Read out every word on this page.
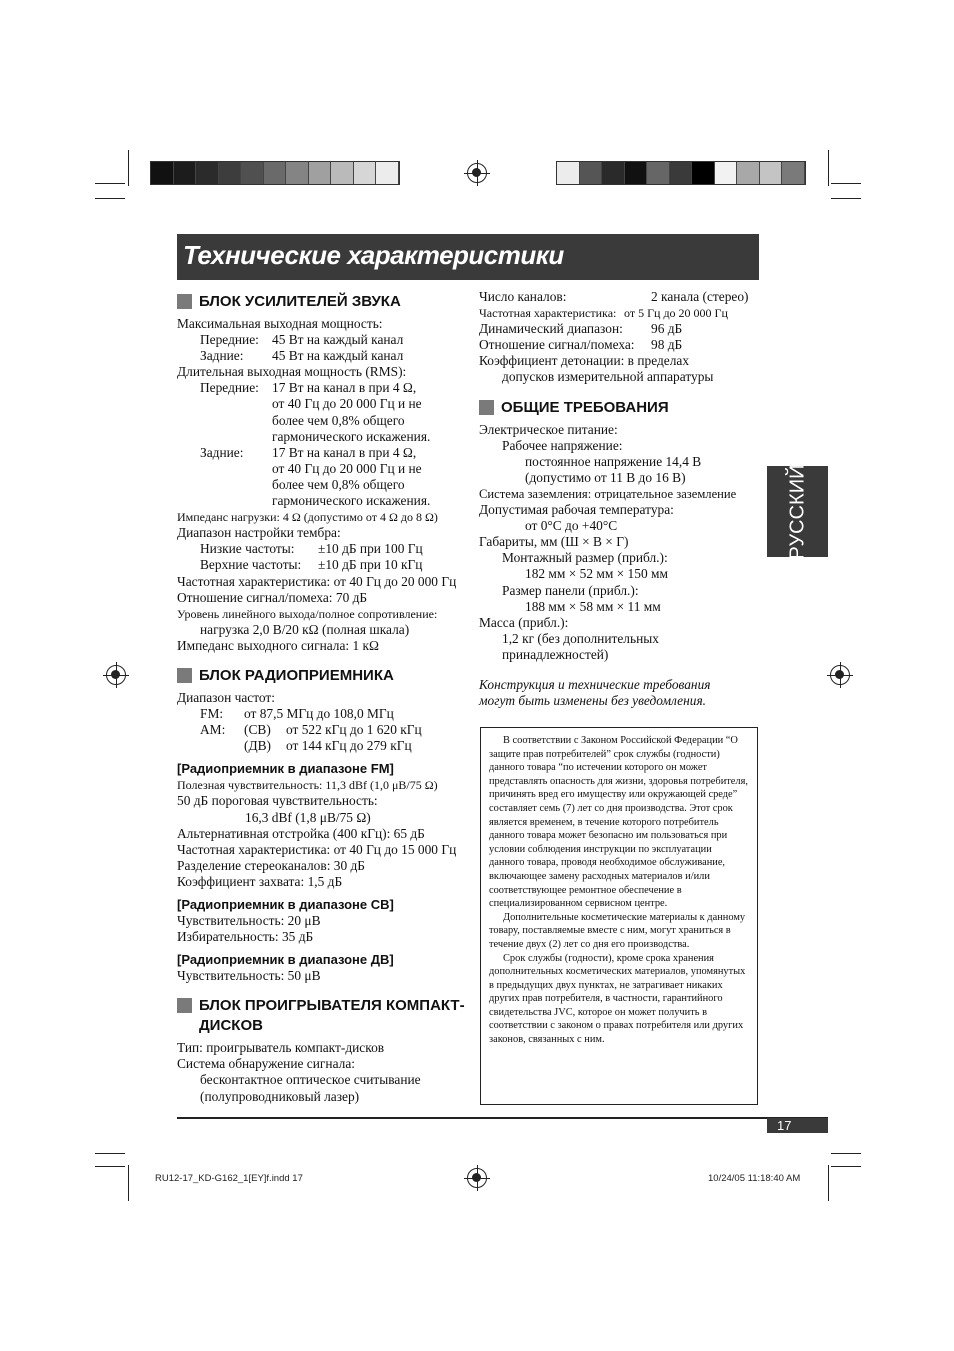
Технические характеристики
БЛОК УСИЛИТЕЛЕЙ ЗВУКА
Максимальная выходная мощность:
Передние: 45 Вт на каждый канал
Задние:	45 Вт на каждый канал
Длительная выходная мощность (RMS):
Передние: 17 Вт на канал в при 4 Ω,
от 40 Гц до 20 000 Гц и не
более чем 0,8% общего
гармонического искажения.
Задние:	17 Вт на канал в при 4 Ω,
от 40 Гц до 20 000 Гц и не
более чем 0,8% общего
гармонического искажения.
Импеданс нагрузки: 4 Ω (допустимо от 4 Ω до 8 Ω)
Диапазон настройки тембра:
Низкие частоты:	±10 дБ при 100 Гц
Верхние частоты:	±10 дБ при 10 кГц
Частотная характеристика: от 40 Гц до 20 000 Гц
Отношение сигнал/помеха: 70 дБ
Уровень линейного выхода/полное сопротивление:
нагрузка 2,0 В/20 кΩ (полная шкала)
Импеданс выходного сигнала: 1 кΩ
БЛОК РАДИОПРИЕМНИКА
Диапазон частот:
FM:	от 87,5 МГц до 108,0 МГц
AM:	(СВ)	от 522 кГц до 1 620 кГц
(ДВ)	от 144 кГц до 279 кГц
[Радиоприемник в диапазоне FM]
Полезная чувствительность: 11,3 dBf (1,0 μВ/75 Ω)
50 дБ пороговая чувствительность:
16,3 dBf (1,8 μВ/75 Ω)
Альтернативная отстройка (400 кГц): 65 дБ
Частотная характеристика: от 40 Гц до 15 000 Гц
Разделение стереоканалов: 30 дБ
Коэффициент захвата: 1,5 дБ
[Радиоприемник в диапазоне СВ]
Чувствительность: 20 μВ
Избирательность: 35 дБ
[Радиоприемник в диапазоне ДВ]
Чувствительность: 50 μВ
БЛОК ПРОИГРЫВАТЕЛЯ КОМПАКТ-
ДИСКОВ
Тип: проигрыватель компакт-дисков
Система обнаружение сигнала:
бесконтактное оптическое считывание
(полупроводниковый лазер)
Число каналов:	2 канала (стерео)
Частотная характеристика: от 5 Гц до 20 000 Гц
Динамический диапазон:	96 дБ
Отношение сигнал/помеха:	98 дБ
Коэффициент детонации: в пределах
допусков измерительной аппаратуры
ОБЩИЕ ТРЕБОВАНИЯ
Электрическое питание:
Рабочее напряжение:
постоянное напряжение 14,4 В
(допустимо от 11 В до 16 В)
Система заземления: отрицательное заземление
Допустимая рабочая температура:
от 0°C до +40°C
Габариты, мм (Ш × В × Г)
Монтажный размер (прибл.):
182 мм × 52 мм × 150 мм
Размер панели (прибл.):
188 мм × 58 мм × 11 мм
Масса (прибл.):
1,2 кг (без дополнительных
принадлежностей)
Конструкция и технические требования
могут быть изменены без уведомления.

В соответствии с Законом Российской Федерации “О защите прав потребителей” срок службы (годности) данного товара “по истечении которого он может представлять опасность для жизни, здоровья потребителя, причинять вред его имуществу или окружающей среде” составляет семь (7) лет со дня производства. Этот срок является временем, в течение которого потребитель данного товара может безопасно им пользоваться при условии соблюдения инструкции по эксплуатации данного товара, проводя необходимое обслуживание, включающее замену расходных материалов и/или соответствующее ремонтное обеспечение в специализированном сервисном центре.

Дополнительные косметические материалы к данному товару, поставляемые вместе с ним, могут храниться в течение двух (2) лет со дня его производства.

Срок службы (годности), кроме срока хранения дополнительных косметических материалов, упомянутых в предыдущих двух пунктах, не затрагивает никаких других прав потребителя, в частности, гарантийного свидетельства JVC, которое он может получить в соответствии с законом о правах потребителя или других законов, связанных с ним.

РУССКИЙ
17
RU12-17_KD-G162_1[EY]f.indd 17	10/24/05 11:18:40 AM
